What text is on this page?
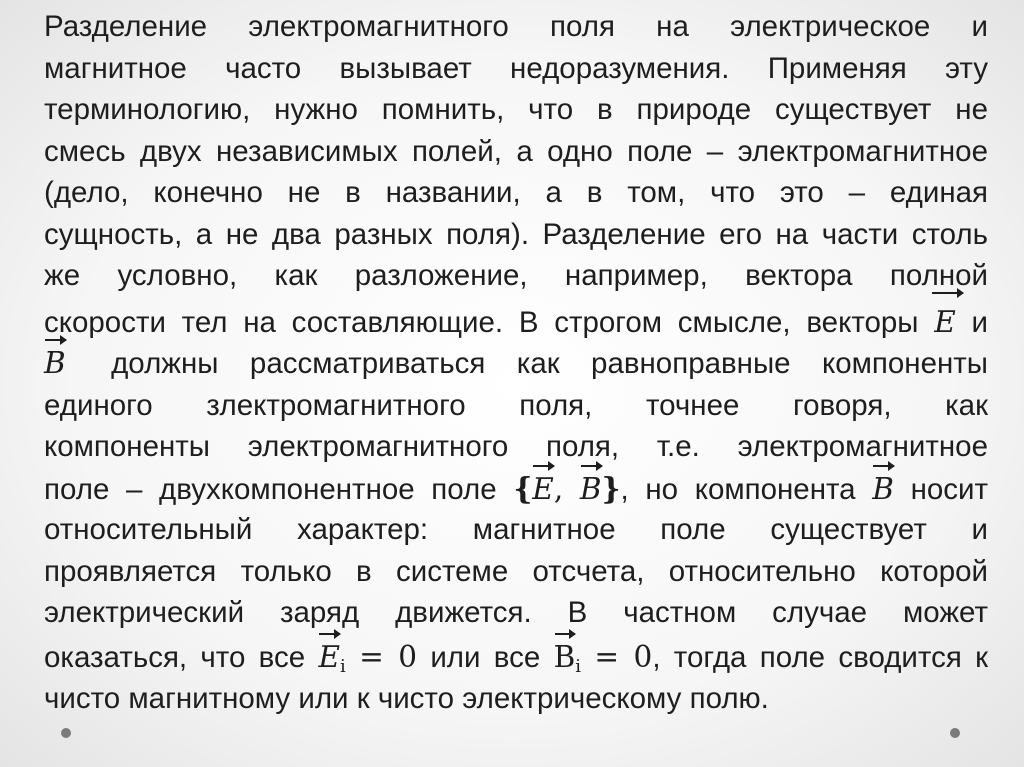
Разделение электромагнитного поля на электрическое и
магнитное часто вызывает недоразумения. Применяя эту
терминологию, нужно помнить, что в природе существует не
смесь двух независимых полей, а одно поле – электромагнитное
(дело, конечно не в названии, а в том, что это – единая
сущность, а не два разных поля). Разделение его на части столь
же условно, как разложение, например, вектора полной
скорости тел на составляющие. В строгом смысле, векторы E и
B должны рассматриваться как равноправные компоненты
единого злектромагнитного поля, точнее говоря, как
компоненты электромагнитного поля, т.е. электромагнитное
поле – двухкомпонентное поле {E, B}, но компонента B носит
относительный характер: магнитное поле существует и
проявляется только в системе отсчета, относительно которой
электрический заряд движется. В частном случае может
оказаться, что все $E_i = 0$ или все $B_i = 0$, тогда поле сводится к
чисто магнитному или к чисто электрическому полю.
